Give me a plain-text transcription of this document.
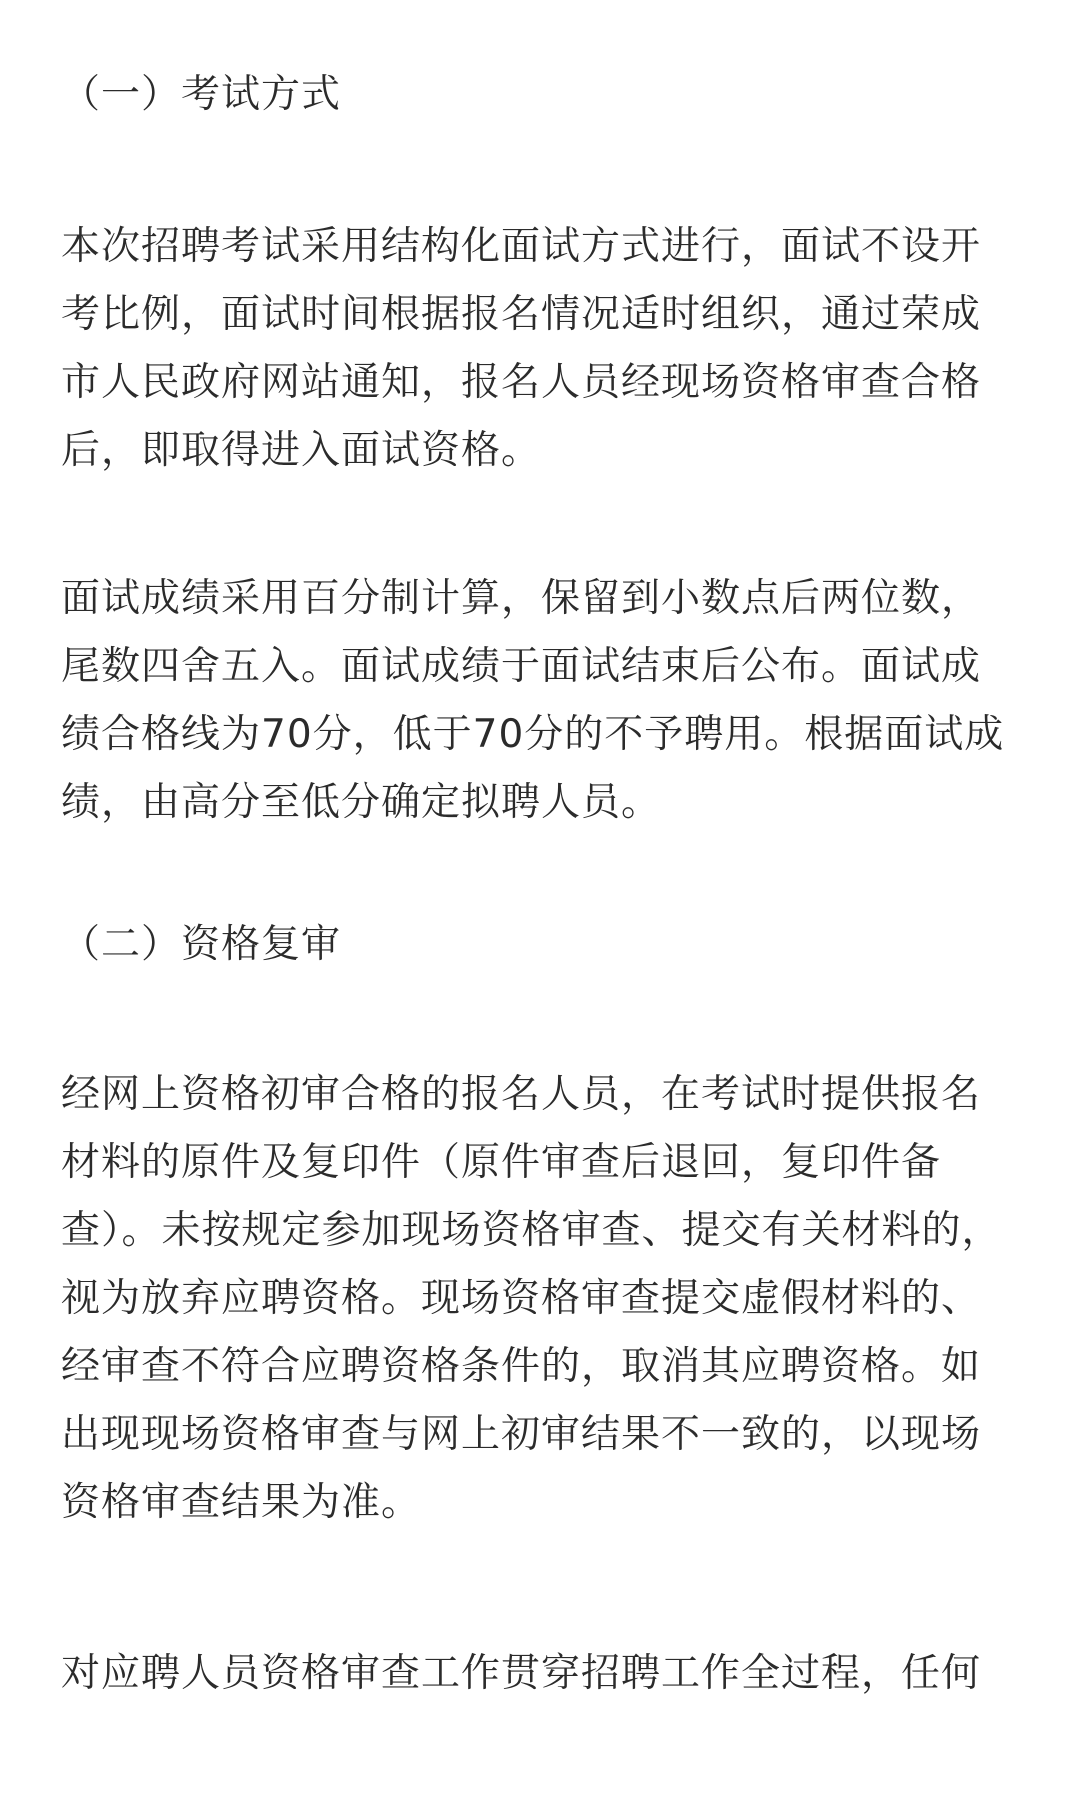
（一）考试方式

本次招聘考试采用结构化面试方式进行，面试不设开
考比例，面试时间根据报名情况适时组织，通过荣成
市人民政府网站通知，报名人员经现场资格审查合格
后，即取得进入面试资格。

面试成绩采用百分制计算，保留到小数点后两位数，
尾数四舍五入。面试成绩于面试结束后公布。面试成
绩合格线为70分，低于70分的不予聘用。根据面试成
绩，由高分至低分确定拟聘人员。

（二）资格复审

经网上资格初审合格的报名人员，在考试时提供报名
材料的原件及复印件（原件审查后退回，复印件备
查）。未按规定参加现场资格审查、提交有关材料的，
视为放弃应聘资格。现场资格审查提交虚假材料的、
经审查不符合应聘资格条件的，取消其应聘资格。如
出现现场资格审查与网上初审结果不一致的，以现场
资格审查结果为准。

对应聘人员资格审查工作贯穿招聘工作全过程，任何
